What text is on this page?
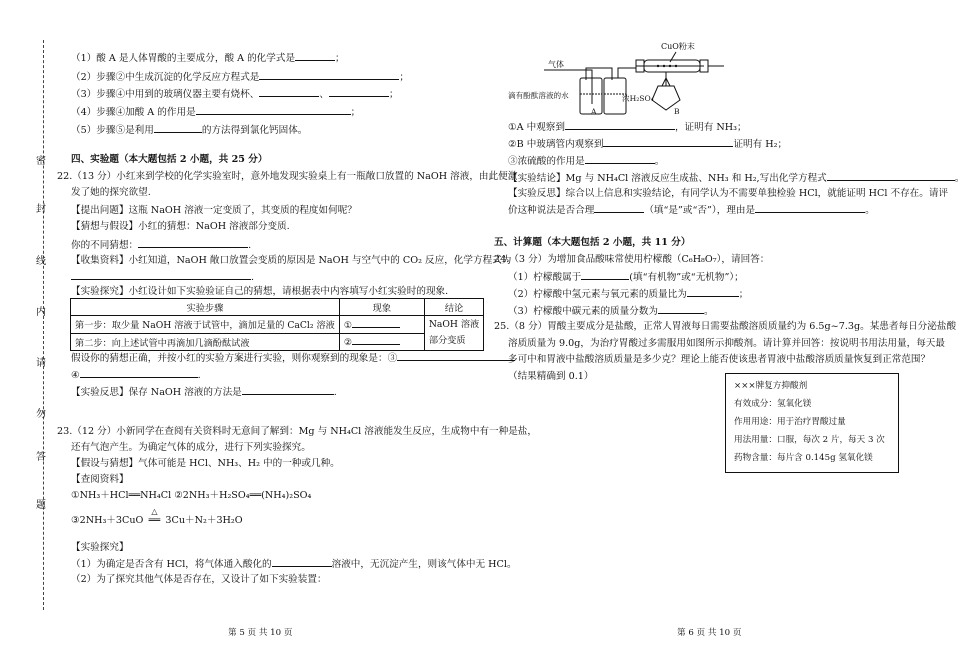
密
封
线
内
请
勿
答
题
（1）酸 A 是人体胃酸的主要成分，酸 A 的化学式是	；
（2）步骤②中生成沉淀的化学反应方程式是	；
（3）步骤④中用到的玻璃仪器主要有烧杯、	、	；
（4）步骤④加酸 A 的作用是	；
（5）步骤⑤是利用	的方法得到氯化钙固体。
四、实验题（本大题包括 2 小题，共 25 分）
22.（13 分）小红来到学校的化学实验室时，意外地发现实验桌上有一瓶敞口放置的 NaOH 溶液，由此便激
发了她的探究欲望.
【提出问题】这瓶 NaOH 溶液一定变质了，其变质的程度如何呢？
【猜想与假设】小红的猜想：NaOH 溶液部分变质.
你的不同猜想：	.
【收集资料】小红知道，NaOH 敞口放置会变质的原因是 NaOH 与空气中的 CO₂ 反应，化学方程式为
.
【实验探究】小红设计如下实验验证自己的猜想，请根据表中内容填写小红实验时的现象.
实验步骤	现象	结论
第一步：取少量 NaOH 溶液于试管中，滴加足量的 CaCl₂ 溶液	①	NaOH 溶液
部分变质
第二步：向上述试管中再滴加几滴酚酞试液	②	
假设你的猜想正确，并按小红的实验方案进行实验，则你观察到的现象是：③
④	.
【实验反思】保存 NaOH 溶液的方法是	.
23.（12 分）小新同学在查阅有关资料时无意间了解到：Mg 与 NH₄Cl 溶液能发生反应，生成物中有一种是盐，
还有气泡产生。为确定气体的成分，进行下列实验探究。
【假设与猜想】气体可能是 HCl、NH₃、H₂ 中的一种或几种。
【查阅资料】
①NH₃＋HCl══NH₄Cl ②2NH₃＋H₂SO₄══(NH₄)₂SO₄
③2NH₃＋3CuO
△
══ 3Cu＋N₂＋3H₂O
【实验探究】
（1）为确定是否含有 HCl，将气体通入酸化的	溶液中，无沉淀产生，则该气体中无 HCl。
（2）为了探究其他气体是否存在，又设计了如下实验装置：
第 5 页 共 10 页
CuO粉末
气体
滴有酚酞溶液的水	浓H₂SO₄
A	B
①A 中观察到	，证明有 NH₃；
②B 中玻璃管内观察到	证明有 H₂；
③浓硫酸的作用是	。
【实验结论】Mg 与 NH₄Cl 溶液反应生成盐、NH₃ 和 H₂,写出化学方程式	。
【实验反思】综合以上信息和实验结论，有同学认为不需要单独检验 HCl，就能证明 HCl 不存在。请评
价这种说法是否合理	（填“是”或“否”），理由是	。
五、计算题（本大题包括 2 小题，共 11 分）
24.（3 分）为增加食品酸味常使用柠檬酸（C₆H₈O₇），请回答：
（1）柠檬酸属于	(填“有机物”或“无机物”）；
（2）柠檬酸中氢元素与氧元素的质量比为	；
（3）柠檬酸中碳元素的质量分数为	。
25.（8 分）胃酸主要成分是盐酸，正常人胃液每日需要盐酸溶质质量约为 6.5g~7.3g。某患者每日分泌盐酸
溶质质量为 9.0g，为治疗胃酸过多需服用如图所示抑酸剂。请计算并回答：按说明书用法用量，每天最
多可中和胃液中盐酸溶质质量是多少克？理论上能否使该患者胃液中盐酸溶质质量恢复到正常范围？
（结果精确到 0.1）
×××牌复方抑酸剂
有效成分：氢氧化镁
作用用途：用于治疗胃酸过量
用法用量：口服，每次 2 片，每天 3 次
药物含量：每片含 0.145g 氢氧化镁
第 6 页 共 10 页
